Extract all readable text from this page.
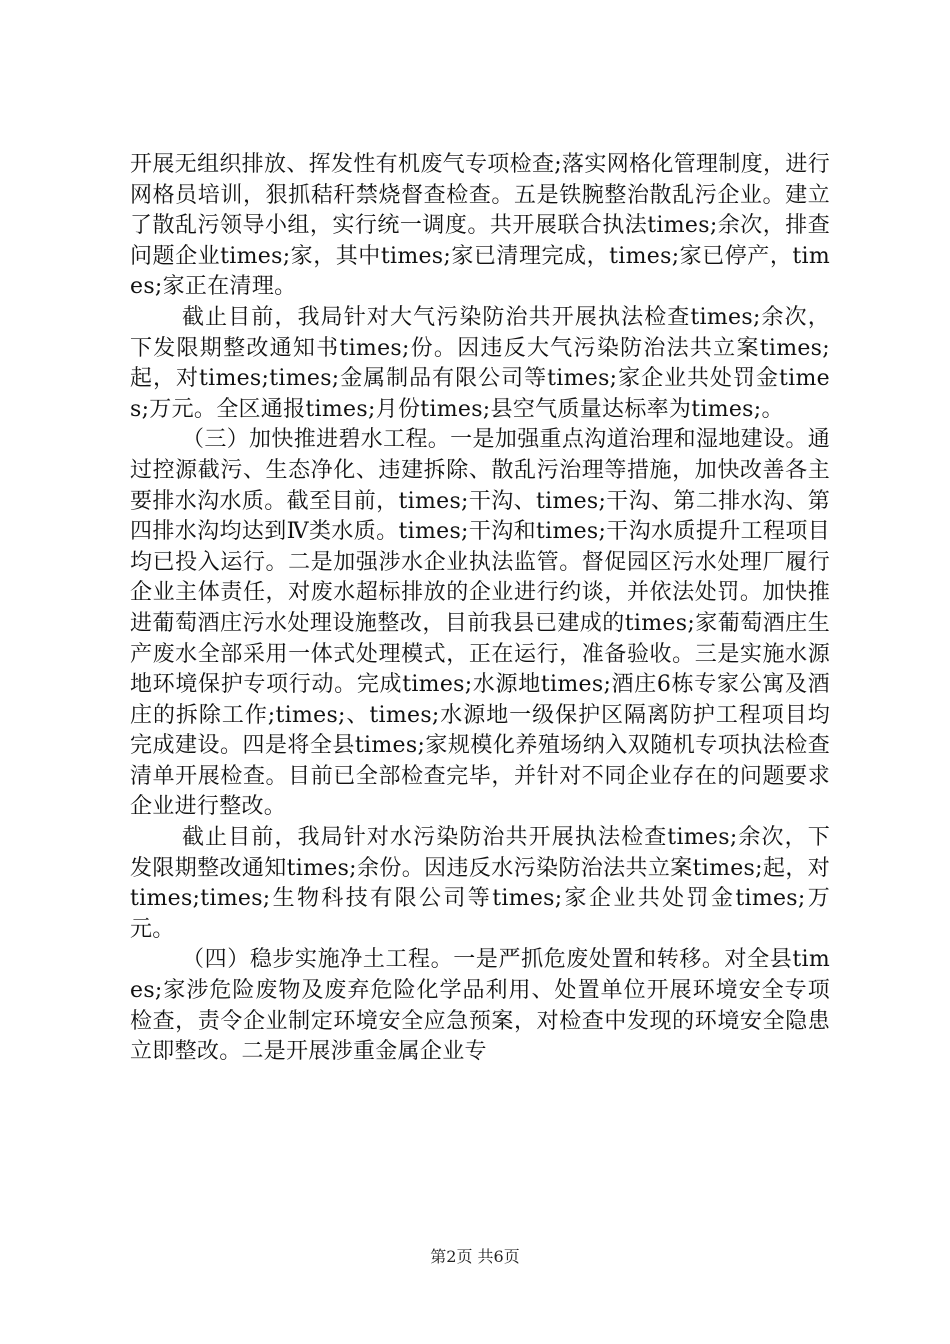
开展无组织排放、挥发性有机废气专项检查;落实网格化管理制度，进行网格员培训，狠抓秸秆禁烧督查检查。五是铁腕整治散乱污企业。建立了散乱污领导小组，实行统一调度。共开展联合执法times;余次，排查问题企业times;家，其中times;家已清理完成，times;家已停产，times;家正在清理。

截止目前，我局针对大气污染防治共开展执法检查times;余次，下发限期整改通知书times;份。因违反大气污染防治法共立案times;起，对times;times;金属制品有限公司等times;家企业共处罚金times;万元。全区通报times;月份times;县空气质量达标率为times;。

（三）加快推进碧水工程。一是加强重点沟道治理和湿地建设。通过控源截污、生态净化、违建拆除、散乱污治理等措施，加快改善各主要排水沟水质。截至目前，times;干沟、times;干沟、第二排水沟、第四排水沟均达到Ⅳ类水质。times;干沟和times;干沟水质提升工程项目均已投入运行。二是加强涉水企业执法监管。督促园区污水处理厂履行企业主体责任，对废水超标排放的企业进行约谈，并依法处罚。加快推进葡萄酒庄污水处理设施整改，目前我县已建成的times;家葡萄酒庄生产废水全部采用一体式处理模式，正在运行，准备验收。三是实施水源地环境保护专项行动。完成times;水源地times;酒庄6栋专家公寓及酒庄的拆除工作;times;、times;水源地一级保护区隔离防护工程项目均完成建设。四是将全县times;家规模化养殖场纳入双随机专项执法检查清单开展检查。目前已全部检查完毕，并针对不同企业存在的问题要求企业进行整改。

截止目前，我局针对水污染防治共开展执法检查times;余次，下发限期整改通知times;余份。因违反水污染防治法共立案times;起，对times;times;生物科技有限公司等times;家企业共处罚金times;万元。

（四）稳步实施净土工程。一是严抓危废处置和转移。对全县times;家涉危险废物及废弃危险化学品利用、处置单位开展环境安全专项检查，责令企业制定环境安全应急预案，对检查中发现的环境安全隐患立即整改。二是开展涉重金属企业专

第2页 共6页
